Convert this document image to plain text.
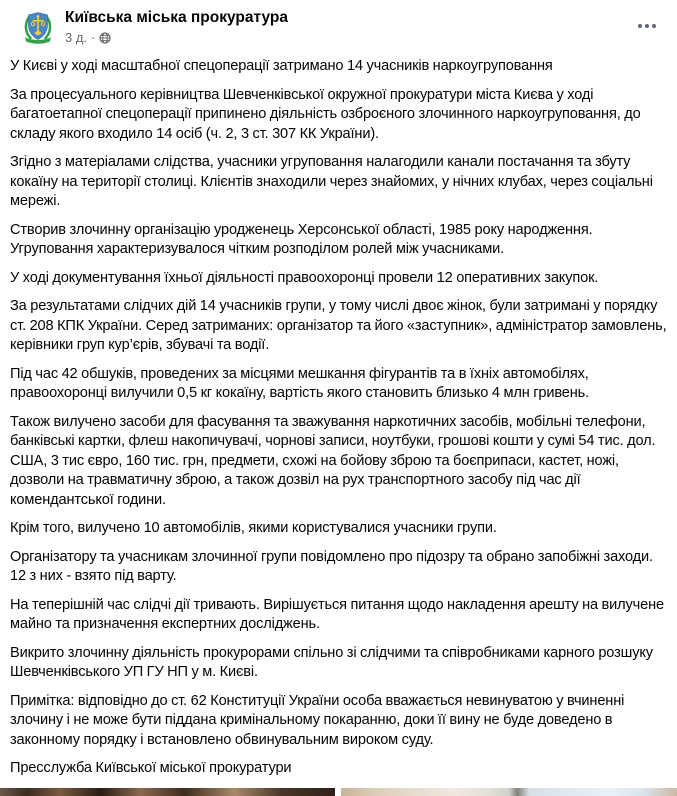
Київська міська прокуратура
3 д. ·

У Києві у ході масштабної спецоперації затримано 14 учасників наркоугруповання

За процесуального керівництва Шевченківської окружної прокуратури міста Києва у ході багатоетапної спецоперації припинено діяльність озброєного злочинного наркоугруповання, до складу якого входило 14 осіб (ч. 2, 3 ст. 307 КК України).

Згідно з матеріалами слідства, учасники угруповання налагодили канали постачання та збуту кокаїну на території столиці. Клієнтів знаходили через знайомих, у нічних клубах, через соціальні мережі.

Створив злочинну організацію уродженець Херсонської області, 1985 року народження. Угруповання характеризувалося чітким розподілом ролей між учасниками.

У ході документування їхньої діяльності правоохоронці провели 12 оперативних закупок.

За результатами слідчих дій 14 учасників групи, у тому числі двоє жінок, були затримані у порядку ст. 208 КПК України. Серед затриманих: організатор та його «заступник», адміністратор замовлень, керівники груп кур’єрів, збувачі та водії.

Під час 42 обшуків, проведених за місцями мешкання фігурантів та в їхніх автомобілях, правоохоронці вилучили 0,5 кг кокаїну, вартість якого становить близько 4 млн гривень.

Також вилучено засоби для фасування та зважування наркотичних засобів, мобільні телефони, банківські картки, флеш накопичувачі, чорнові записи, ноутбуки, грошові кошти у сумі 54 тис. дол. США, 3 тис євро, 160 тис. грн, предмети, схожі на бойову зброю та боєприпаси, кастет, ножі, дозволи на травматичну зброю, а також дозвіл на рух транспортного засобу під час дії комендантської години.

Крім того, вилучено 10 автомобілів, якими користувалися учасники групи.

Організатору та учасникам злочинної групи повідомлено про підозру та обрано запобіжні заходи. 12 з них - взято під варту.

На теперішній час слідчі дії тривають. Вирішується питання щодо накладення арешту на вилучене майно та призначення експертних досліджень.

Викрито злочинну діяльність прокурорами спільно зі слідчими та співробниками карного розшуку Шевченківського УП ГУ НП у м. Києві.

Примітка: відповідно до ст. 62 Конституції України особа вважається невинуватою у вчиненні злочину і не може бути піддана кримінальному покаранню, доки її вину не буде доведено в законному порядку і встановлено обвинувальним вироком суду.

Пресслужба Київської міської прокуратури
